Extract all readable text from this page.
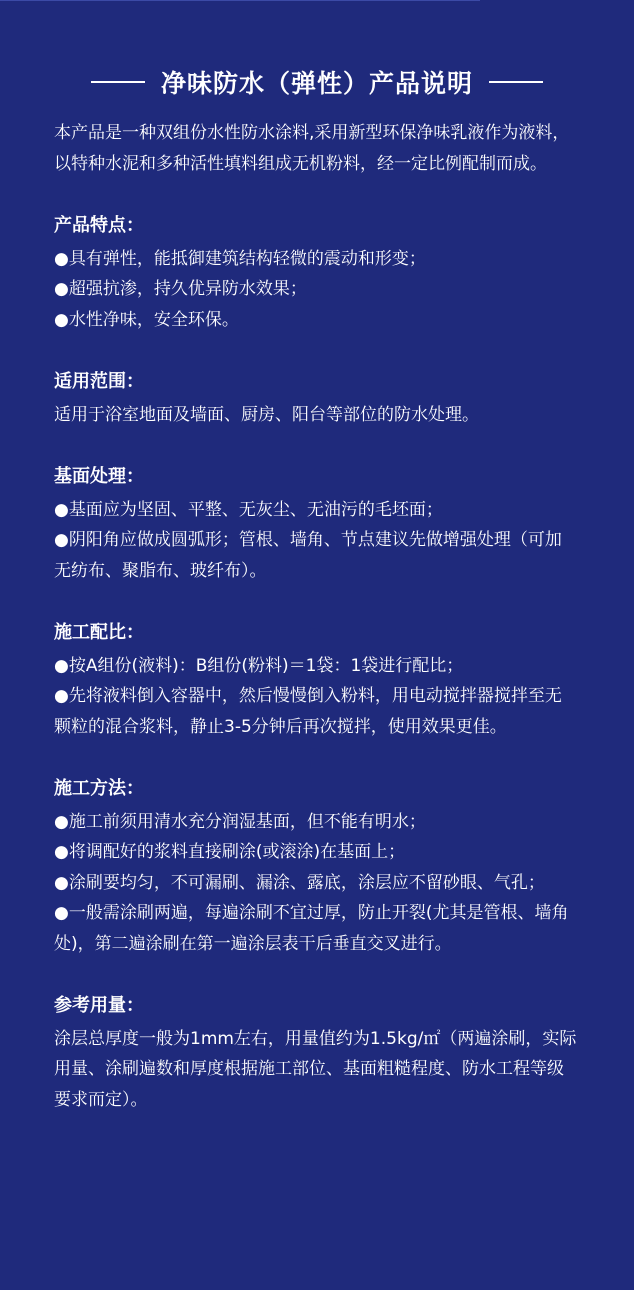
净味防水（弹性）产品说明

本产品是一种双组份水性防水涂料,采用新型环保净味乳液作为液料，以特种水泥和多种活性填料组成无机粉料，经一定比例配制而成。

产品特点：

●具有弹性，能抵御建筑结构轻微的震动和形变；

●超强抗渗，持久优异防水效果；

●水性净味，安全环保。

适用范围：

适用于浴室地面及墙面、厨房、阳台等部位的防水处理。

基面处理：

●基面应为坚固、平整、无灰尘、无油污的毛坯面；

●阴阳角应做成圆弧形；管根、墙角、节点建议先做增强处理（可加无纺布、聚脂布、玻纤布）。

施工配比：

●按A组份(液料)：B组份(粉料)＝1袋：1袋进行配比；

●先将液料倒入容器中，然后慢慢倒入粉料，用电动搅拌器搅拌至无颗粒的混合浆料，静止3-5分钟后再次搅拌，使用效果更佳。

施工方法：

●施工前须用清水充分润湿基面，但不能有明水；

●将调配好的浆料直接刷涂(或滚涂)在基面上；

●涂刷要均匀，不可漏刷、漏涂、露底，涂层应不留砂眼、气孔；

●一般需涂刷两遍，每遍涂刷不宜过厚，防止开裂(尤其是管根、墙角处)，第二遍涂刷在第一遍涂层表干后垂直交叉进行。

参考用量：

涂层总厚度一般为1mm左右，用量值约为1.5kg/㎡（两遍涂刷，实际用量、涂刷遍数和厚度根据施工部位、基面粗糙程度、防水工程等级要求而定）。
